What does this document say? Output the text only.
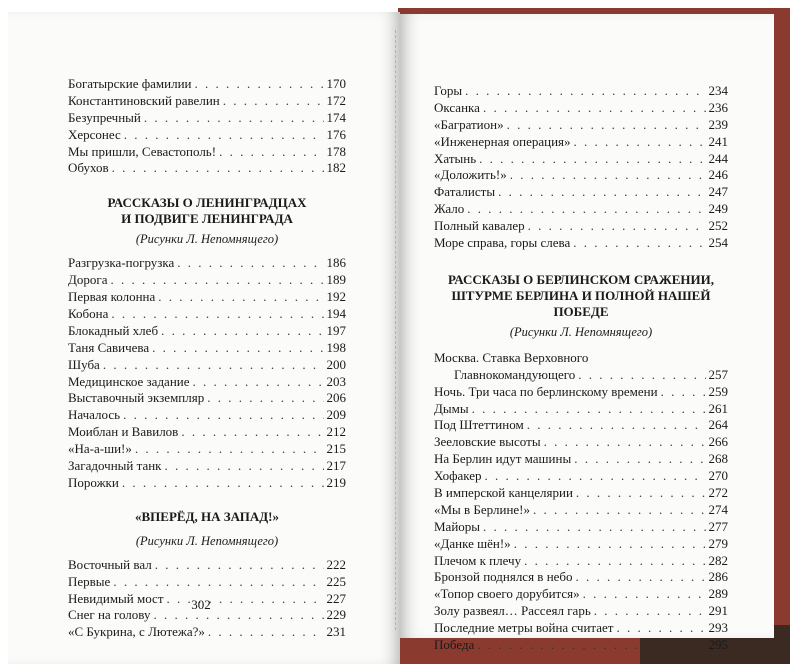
Богатырские фамилии . . .	170
Константиновский равелин . . .	172
Безупречный . . .	174
Херсонес . . .	176
Мы пришли, Севастополь! . . .	178
Обухов . . .	182
РАССКАЗЫ О ЛЕНИНГРАДЦАХ
И ПОДВИГЕ ЛЕНИНГРАДА
(Рисунки Л. Непомнящего)
Разгрузка-погрузка . . .	186
Дорога . . .	189
Первая колонна . . .	192
Кобона . . .	194
Блокадный хлеб . . .	197
Таня Савичева . . .	198
Шуба . . .	200
Медицинское задание . . .	203
Выставочный экземпляр . . .	206
Началось . . .	209
Моиблан и Вавилов . . .	212
«На-а-ши!» . . .	215
Загадочный танк . . .	217
Порожки . . .	219
«ВПЕРЁД, НА ЗАПАД!»
(Рисунки Л. Непомнящего)
Восточный вал . . .	222
Первые . . .	225
Невидимый мост . . .	227
Снег на голову . . .	229
«С Букрина, с Лютежа?» . . .	231
302
Горы . . .	234
Оксанка . . .	236
«Багратион» . . .	239
«Инженерная операция» . . .	241
Хатынь . . .	244
«Доложить!» . . .	246
Фаталисты . . .	247
Жало . . .	249
Полный кавалер . . .	252
Море справа, горы слева . . .	254
РАССКАЗЫ О БЕРЛИНСКОМ СРАЖЕНИИ,
ШТУРМЕ БЕРЛИНА И ПОЛНОЙ НАШЕЙ ПОБЕДЕ
(Рисунки Л. Непомнящего)
Москва. Ставка Верховного
Главнокомандующего . . .	257
Ночь. Три часа по берлинскому времени . . .	259
Дымы . . .	261
Под Штеттином . . .	264
Зееловские высоты . . .	266
На Берлин идут машины . . .	268
Хофакер . . .	270
В имперской канцелярии . . .	272
«Мы в Берлине!» . . .	274
Майоры . . .	277
«Данке шён!» . . .	279
Плечом к плечу . . .	282
Бронзой поднялся в небо . . .	286
«Топор своего дорубится» . . .	289
Золу развеял… Рассеял гарь . . .	291
Последние метры война считает . . .	293
Победа . . .	295
